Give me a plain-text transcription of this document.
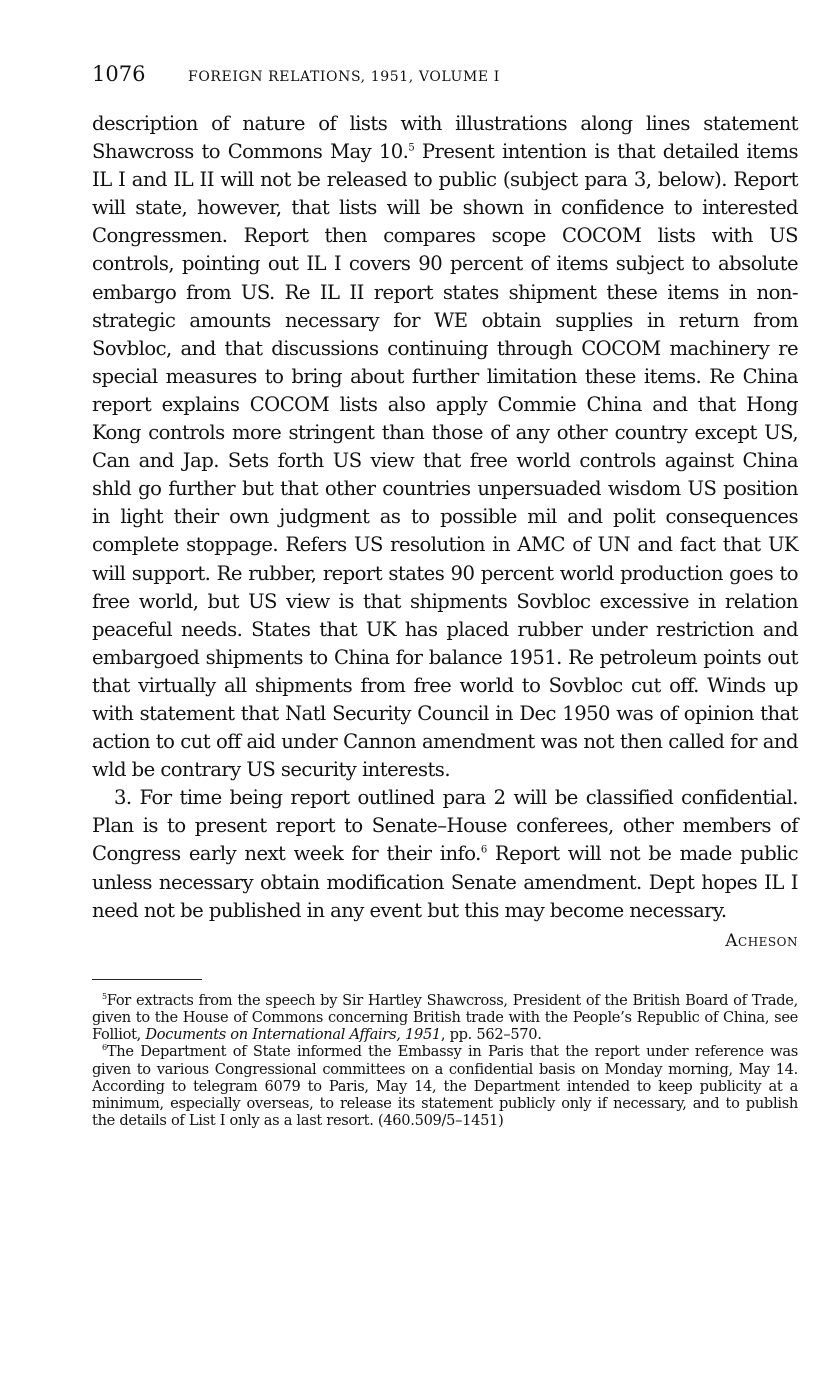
1076	FOREIGN RELATIONS, 1951, VOLUME I

description of nature of lists with illustrations along lines statement Shawcross to Commons May 10.$^5$ Present intention is that detailed items IL I and IL II will not be released to public (subject para 3, below). Report will state, however, that lists will be shown in confidence to interested Congressmen. Report then compares scope COCOM lists with US controls, pointing out IL I covers 90 percent of items subject to absolute embargo from US. Re IL II report states shipment these items in non-strategic amounts necessary for WE obtain supplies in return from Sovbloc, and that discussions continuing through COCOM machinery re special measures to bring about further limitation these items. Re China report explains COCOM lists also apply Commie China and that Hong Kong controls more stringent than those of any other country except US, Can and Jap. Sets forth US view that free world controls against China shld go further but that other countries unpersuaded wisdom US position in light their own judgment as to possible mil and polit consequences complete stoppage. Refers US resolution in AMC of UN and fact that UK will support. Re rubber, report states 90 percent world production goes to free world, but US view is that shipments Sovbloc excessive in relation peaceful needs. States that UK has placed rubber under restriction and embargoed shipments to China for balance 1951. Re petroleum points out that virtually all shipments from free world to Sovbloc cut off. Winds up with statement that Natl Security Council in Dec 1950 was of opinion that action to cut off aid under Cannon amendment was not then called for and wld be contrary US security interests.

3. For time being report outlined para 2 will be classified confidential. Plan is to present report to Senate–House conferees, other members of Congress early next week for their info.$^6$ Report will not be made public unless necessary obtain modification Senate amendment. Dept hopes IL I need not be published in any event but this may become necessary.

Acheson

$^5$For extracts from the speech by Sir Hartley Shawcross, President of the British Board of Trade, given to the House of Commons concerning British trade with the People’s Republic of China, see Folliot, Documents on International Affairs, 1951, pp. 562–570.

$^6$The Department of State informed the Embassy in Paris that the report under reference was given to various Congressional committees on a confidential basis on Monday morning, May 14. According to telegram 6079 to Paris, May 14, the Department intended to keep publicity at a minimum, especially overseas, to release its statement publicly only if necessary, and to publish the details of List I only as a last resort. (460.509/5–1451)
